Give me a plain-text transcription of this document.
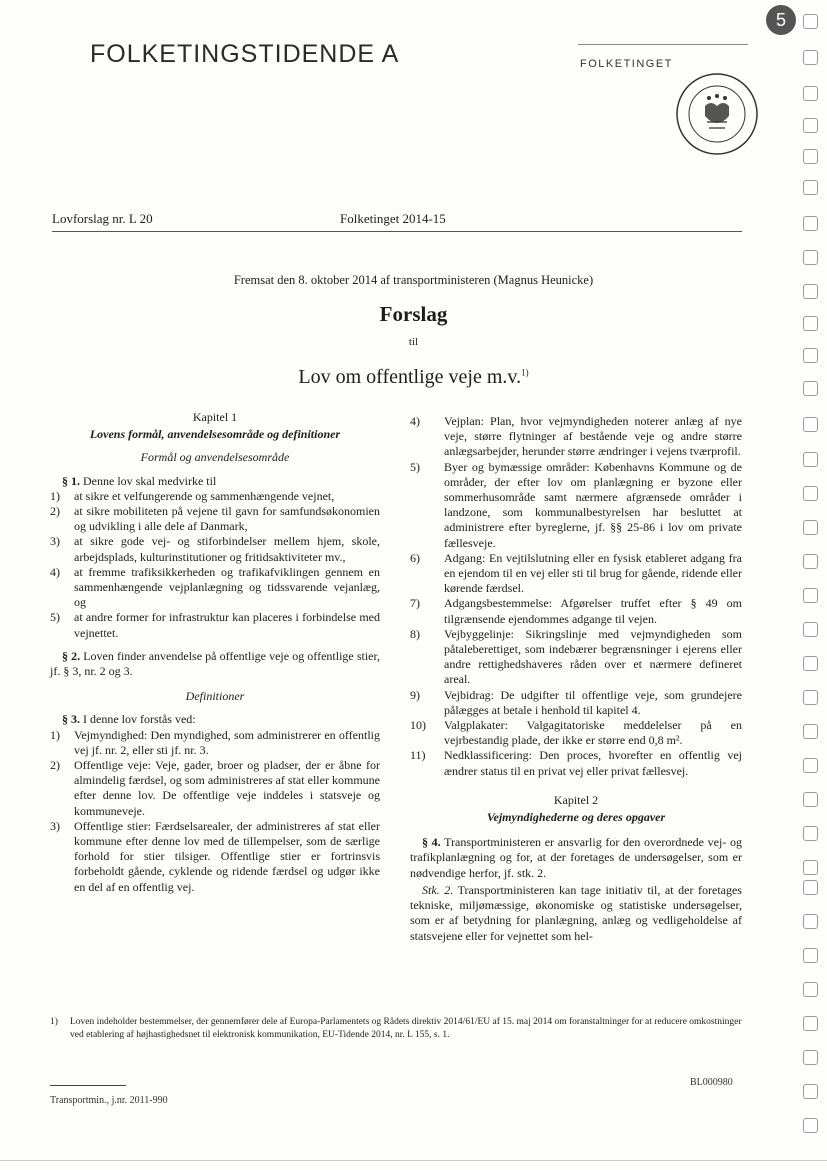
FOLKETINGSTIDENDE A	FOLKETINGET
5
Lovforslag nr. L 20	Folketinget 2014-15
Fremsat den 8. oktober 2014 af transportministeren (Magnus Heunicke)
Forslag
til
Lov om offentlige veje m.v.$^{1)}$
Kapitel 1
Lovens formål, anvendelsesområde og definitioner
Formål og anvendelsesområde

§ 1. Denne lov skal medvirke til

1)	at sikre et velfungerende og sammenhængende vejnet,
2)	at sikre mobiliteten på vejene til gavn for samfundsøkonomien og udvikling i alle dele af Danmark,
3)	at sikre gode vej- og stiforbindelser mellem hjem, skole, arbejdsplads, kulturinstitutioner og fritidsaktiviteter mv.,
4)	at fremme trafiksikkerheden og trafikafviklingen gennem en sammenhængende vejplanlægning og tidssvarende vejanlæg, og
5)	at andre former for infrastruktur kan placeres i forbindelse med vejnettet.

§ 2. Loven finder anvendelse på offentlige veje og offentlige stier, jf. § 3, nr. 2 og 3.

Definitioner

§ 3. I denne lov forstås ved:

1)	Vejmyndighed: Den myndighed, som administrerer en offentlig vej jf. nr. 2, eller sti jf. nr. 3.
2)	Offentlige veje: Veje, gader, broer og pladser, der er åbne for almindelig færdsel, og som administreres af stat eller kommune efter denne lov. De offentlige veje inddeles i statsveje og kommuneveje.
3)	Offentlige stier: Færdselsarealer, der administreres af stat eller kommune efter denne lov med de tillempelser, som de særlige forhold for stier tilsiger. Offentlige stier er fortrinsvis forbeholdt gående, cyklende og ridende færdsel og udgør ikke en del af en offentlig vej.
4)	Vejplan: Plan, hvor vejmyndigheden noterer anlæg af nye veje, større flytninger af bestående veje og andre større anlægsarbejder, herunder større ændringer i vejens tværprofil.
5)	Byer og bymæssige områder: Københavns Kommune og de områder, der efter lov om planlægning er byzone eller sommerhusområde samt nærmere afgrænsede områder i landzone, som kommunalbestyrelsen har besluttet at administrere efter byreglerne, jf. §§ 25-86 i lov om private fællesveje.
6)	Adgang: En vejtilslutning eller en fysisk etableret adgang fra en ejendom til en vej eller sti til brug for gående, ridende eller kørende færdsel.
7)	Adgangsbestemmelse: Afgørelser truffet efter § 49 om tilgrænsende ejendommes adgange til vejen.
8)	Vejbyggelinje: Sikringslinje med vejmyndigheden som påtaleberettiget, som indebærer begrænsninger i ejerens eller andre rettighedshaveres råden over et nærmere defineret areal.
9)	Vejbidrag: De udgifter til offentlige veje, som grundejere pålægges at betale i henhold til kapitel 4.
10)	Valgplakater: Valgagitatoriske meddelelser på en vejrbestandig plade, der ikke er større end 0,8 m².
11)	Nedklassificering: Den proces, hvorefter en offentlig vej ændrer status til en privat vej eller privat fællesvej.
Kapitel 2
Vejmyndighederne og deres opgaver

§ 4. Transportministeren er ansvarlig for den overordnede vej- og trafikplanlægning og for, at der foretages de undersøgelser, som er nødvendige herfor, jf. stk. 2.

Stk. 2. Transportministeren kan tage initiativ til, at der foretages tekniske, miljømæssige, økonomiske og statistiske undersøgelser, som er af betydning for planlægning, anlæg og vedligeholdelse af statsvejene eller for vejnettet som hel-

1)	Loven indeholder bestemmelser, der gennemfører dele af Europa-Parlamentets og Rådets direktiv 2014/61/EU af 15. maj 2014 om foranstaltninger for at reducere omkostninger ved etablering af højhastighedsnet til elektronisk kommunikation, EU-Tidende 2014, nr. L 155, s. 1.
Transportmin., j.nr. 2011-990
BL000980
